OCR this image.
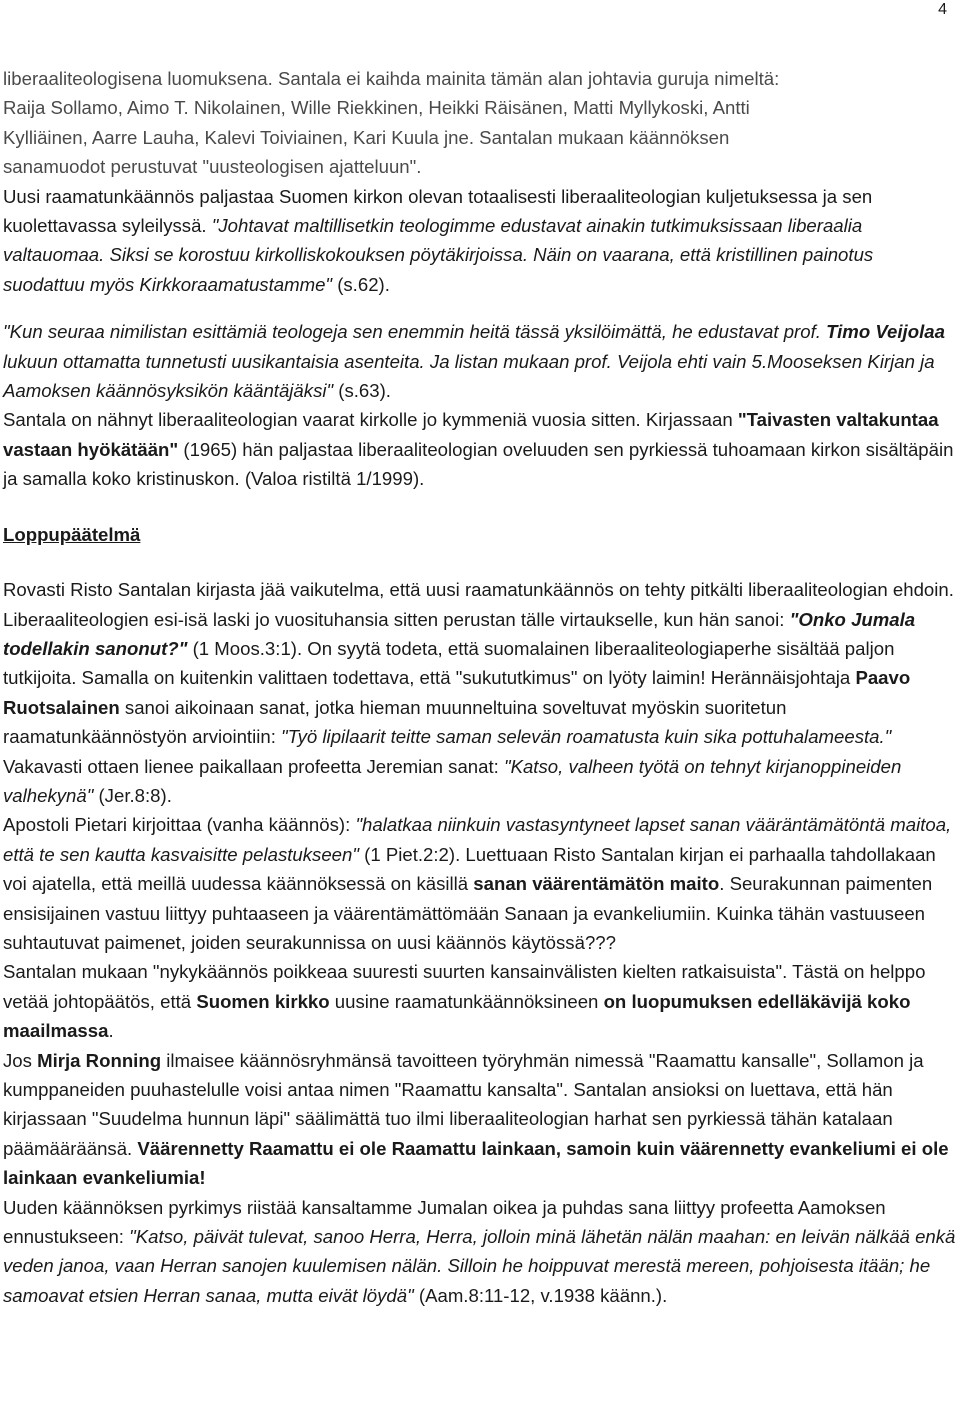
4

liberaaliteologisena luomuksena. Santala ei kaihda mainita tämän alan johtavia guruja nimeltä:
Raija Sollamo, Aimo T. Nikolainen, Wille Riekkinen, Heikki Räisänen, Matti Myllykoski, Antti
Kylliäinen, Aarre Lauha, Kalevi Toiviainen, Kari Kuula jne. Santalan mukaan käännöksen
sanamuodot perustuvat "uusteologisen ajatteluun".

Uusi raamatunkäännös paljastaa Suomen kirkon olevan totaalisesti liberaaliteologian kuljetuksessa ja sen kuolettavassa syleilyssä. "Johtavat maltillisetkin teologimme edustavat ainakin tutkimuksissaan liberaalia valtauomaa. Siksi se korostuu kirkolliskokouksen pöytäkirjoissa. Näin on vaarana, että kristillinen painotus suodattuu myös Kirkkoraamatustamme" (s.62).

"Kun seuraa nimilistan esittämiä teologeja sen enemmin heitä tässä yksilöimättä, he edustavat prof. Timo Veijolaa lukuun ottamatta tunnetusti uusikantaisia asenteita. Ja listan mukaan prof. Veijola ehti vain 5.Mooseksen Kirjan ja Aamoksen käännösyksikön kääntäjäksi" (s.63).
Santala on nähnyt liberaaliteologian vaarat kirkolle jo kymmeniä vuosia sitten. Kirjassaan "Taivasten valtakuntaa vastaan hyökätään" (1965) hän paljastaa liberaaliteologian oveluuden sen pyrkiessä tuhoamaan kirkon sisältäpäin ja samalla koko kristinuskon. (Valoa ristiltä 1/1999).

Loppupäätelmä

Rovasti Risto Santalan kirjasta jää vaikutelma, että uusi raamatunkäännös on tehty pitkälti liberaaliteologian ehdoin. Liberaaliteologien esi-isä laski jo vuosituhansia sitten perustan tälle virtaukselle, kun hän sanoi: "Onko Jumala todellakin sanonut?" (1 Moos.3:1). On syytä todeta, että suomalainen liberaaliteologiaperhe sisältää paljon tutkijoita. Samalla on kuitenkin valittaen todettava, että "sukututkimus" on lyöty laimin! Herännäisjohtaja Paavo Ruotsalainen sanoi aikoinaan sanat, jotka hieman muunneltuina soveltuvat myöskin suoritetun raamatunkäännöstyön arviointiin: "Työ lipilaarit teitte saman selevän roamatusta kuin sika pottuhalameesta." Vakavasti ottaen lienee paikallaan profeetta Jeremian sanat: "Katso, valheen työtä on tehnyt kirjanoppineiden valhekynä" (Jer.8:8).

Apostoli Pietari kirjoittaa (vanha käännös): "halatkaa niinkuin vastasyntyneet lapset sanan vääräntämätöntä maitoa, että te sen kautta kasvaisitte pelastukseen" (1 Piet.2:2). Luettuaan Risto Santalan kirjan ei parhaalla tahdollakaan voi ajatella, että meillä uudessa käännöksessä on käsillä sanan väärentämätön maito. Seurakunnan paimenten ensisijainen vastuu liittyy puhtaaseen ja väärentämättömään Sanaan ja evankeliumiin. Kuinka tähän vastuuseen suhtautuvat paimenet, joiden seurakunnissa on uusi käännös käytössä???

Santalan mukaan "nykykäännös poikkeaa suuresti suurten kansainvälisten kielten ratkaisuista". Tästä on helppo vetää johtopäätös, että Suomen kirkko uusine raamatunkäännöksineen on luopumuksen edelläkävijä koko maailmassa.

Jos Mirja Ronning ilmaisee käännösryhmänsä tavoitteen työryhmän nimessä "Raamattu kansalle", Sollamon ja kumppaneiden puuhastelulle voisi antaa nimen "Raamattu kansalta". Santalan ansioksi on luettava, että hän kirjassaan "Suudelma hunnun läpi" säälimättä tuo ilmi liberaaliteologian harhat sen pyrkiessä tähän katalaan päämääräänsä. Väärennetty Raamattu ei ole Raamattu lainkaan, samoin kuin väärennetty evankeliumi ei ole lainkaan evankeliumia!

Uuden käännöksen pyrkimys riistää kansaltamme Jumalan oikea ja puhdas sana liittyy profeetta Aamoksen ennustukseen: "Katso, päivät tulevat, sanoo Herra, Herra, jolloin minä lähetän nälän maahan: en leivän nälkää enkä veden janoa, vaan Herran sanojen kuulemisen nälän. Silloin he hoippuvat merestä mereen, pohjoisesta itään; he samoavat etsien Herran sanaa, mutta eivät löydä" (Aam.8:11-12, v.1938 käänn.).
